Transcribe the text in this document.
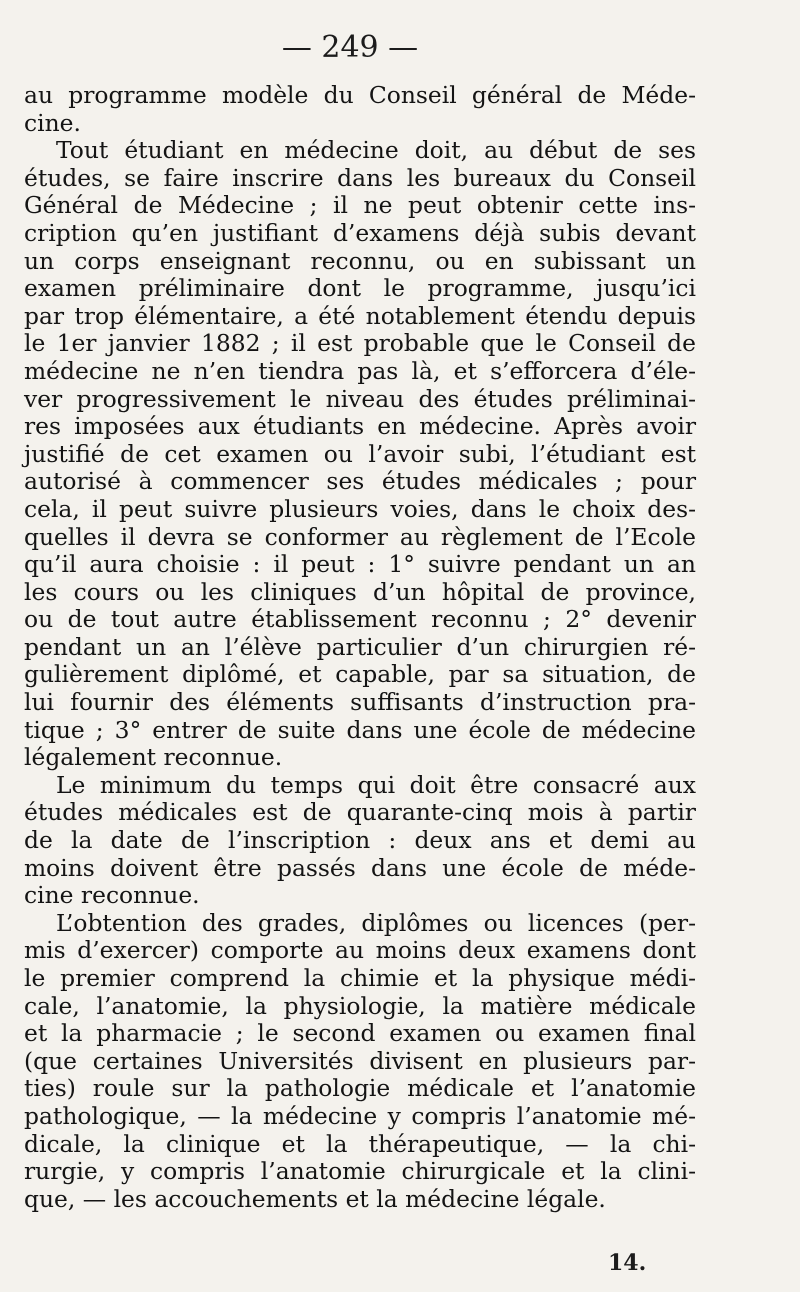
— 249 —
au programme modèle du Conseil général de Méde-
cine.
Tout étudiant en médecine doit, au début de ses
études, se faire inscrire dans les bureaux du Conseil
Général de Médecine ; il ne peut obtenir cette ins-
cription qu’en justifiant d’examens déjà subis devant
un corps enseignant reconnu, ou en subissant un
examen préliminaire dont le programme, jusqu’ici
par trop élémentaire, a été notablement étendu depuis
le 1er janvier 1882 ; il est probable que le Conseil de
médecine ne n’en tiendra pas là, et s’efforcera d’éle-
ver progressivement le niveau des études préliminai-
res imposées aux étudiants en médecine. Après avoir
justifié de cet examen ou l’avoir subi, l’étudiant est
autorisé à commencer ses études médicales ; pour
cela, il peut suivre plusieurs voies, dans le choix des-
quelles il devra se conformer au règlement de l’Ecole
qu’il aura choisie : il peut : 1° suivre pendant un an
les cours ou les cliniques d’un hôpital de province,
ou de tout autre établissement reconnu ; 2° devenir
pendant un an l’élève particulier d’un chirurgien ré-
gulièrement diplômé, et capable, par sa situation, de
lui fournir des éléments suffisants d’instruction pra-
tique ; 3° entrer de suite dans une école de médecine
légalement reconnue.
Le minimum du temps qui doit être consacré aux
études médicales est de quarante-cinq mois à partir
de la date de l’inscription : deux ans et demi au
moins doivent être passés dans une école de méde-
cine reconnue.
L’obtention des grades, diplômes ou licences (per-
mis d’exercer) comporte au moins deux examens dont
le premier comprend la chimie et la physique médi-
cale, l’anatomie, la physiologie, la matière médicale
et la pharmacie ; le second examen ou examen final
(que certaines Universités divisent en plusieurs par-
ties) roule sur la pathologie médicale et l’anatomie
pathologique, — la médecine y compris l’anatomie mé-
dicale, la clinique et la thérapeutique, — la chi-
rurgie, y compris l’anatomie chirurgicale et la clini-
que, — les accouchements et la médecine légale.
14.
